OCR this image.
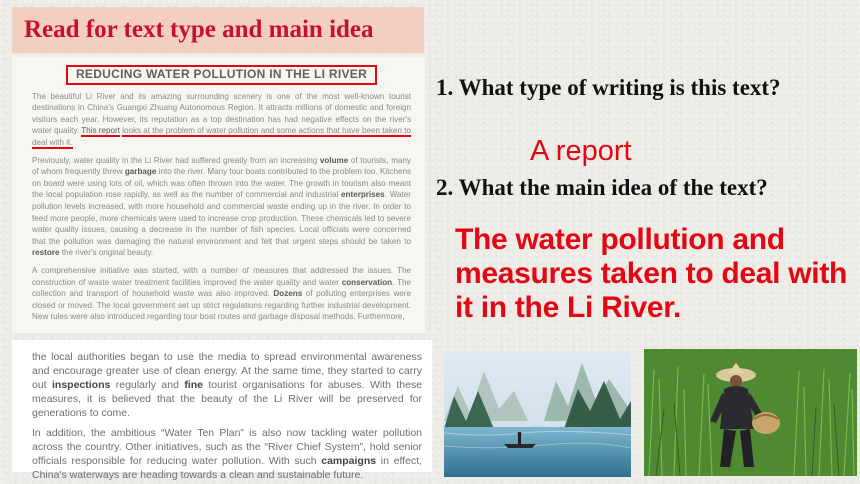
Read for text type and main idea
REDUCING WATER POLLUTION IN THE LI RIVER

The beautiful Li River and its amazing surrounding scenery is one of the most well-known tourist destinations in China's Guangxi Zhuang Autonomous Region. It attracts millions of domestic and foreign visitors each year. However, its reputation as a top destination has had negative effects on the river's water quality. This report looks at the problem of water pollution and some actions that have been taken to deal with it.

Previously, water quality in the Li River had suffered greatly from an increasing volume of tourists, many of whom frequently threw garbage into the river. Many tour boats contributed to the problem too. Kitchens on board were using lots of oil, which was often thrown into the water. The growth in tourism also meant the local population rose rapidly, as well as the number of commercial and industrial enterprises. Water pollution levels increased, with more household and commercial waste ending up in the river. In order to feed more people, more chemicals were used to increase crop production. These chemicals led to severe water quality issues, causing a decrease in the number of fish species. Local officials were concerned that the pollution was damaging the natural environment and felt that urgent steps should be taken to restore the river's original beauty.

A comprehensive initiative was started, with a number of measures that addressed the issues. The construction of waste water treatment facilities improved the water quality and water conservation. The collection and transport of household waste was also improved. Dozens of polluting enterprises were closed or moved. The local government set up strict regulations regarding further industrial development. New rules were also introduced regarding tour boat routes and garbage disposal methods. Furthermore,

the local authorities began to use the media to spread environmental awareness and encourage greater use of clean energy. At the same time, they started to carry out inspections regularly and fine tourist organisations for abuses. With these measures, it is believed that the beauty of the Li River will be preserved for generations to come.

In addition, the ambitious “Water Ten Plan” is also now tackling water pollution across the country. Other initiatives, such as the “River Chief System”, hold senior officials responsible for reducing water pollution. With such campaigns in effect, China's waterways are heading towards a clean and sustainable future.

1. What type of writing is this text?
A report
2. What the main idea of the text?
The water pollution and measures taken to deal with it in the Li River.
